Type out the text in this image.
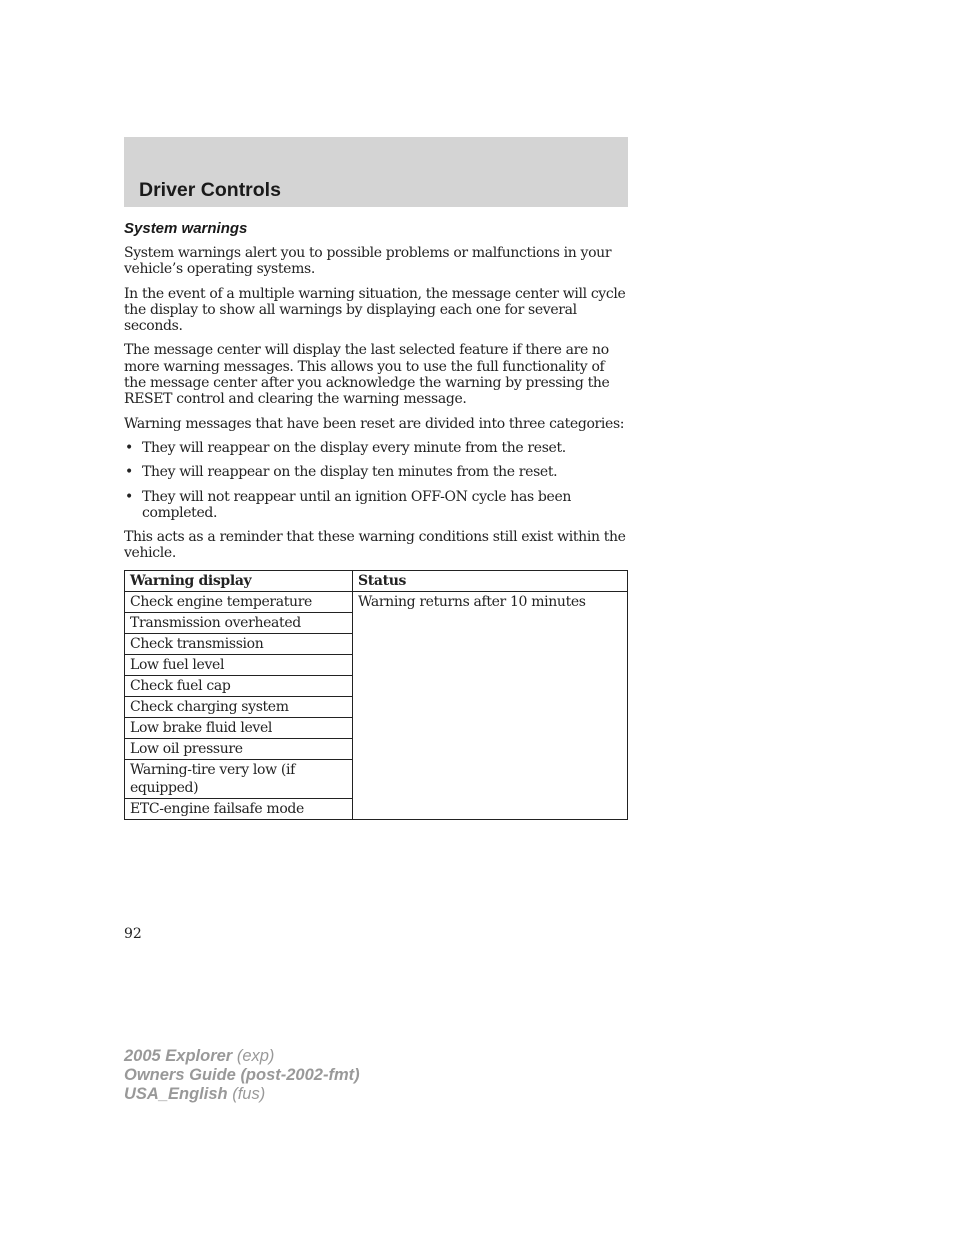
Driver Controls
System warnings

System warnings alert you to possible problems or malfunctions in your vehicle’s operating systems.

In the event of a multiple warning situation, the message center will cycle the display to show all warnings by displaying each one for several seconds.

The message center will display the last selected feature if there are no more warning messages. This allows you to use the full functionality of the message center after you acknowledge the warning by pressing the RESET control and clearing the warning message.

Warning messages that have been reset are divided into three categories:

• They will reappear on the display every minute from the reset.
• They will reappear on the display ten minutes from the reset.
• They will not reappear until an ignition OFF-ON cycle has been completed.

This acts as a reminder that these warning conditions still exist within the vehicle.

Warning display	Status
Check engine temperature	Warning returns after 10 minutes
Transmission overheated	
Check transmission	
Low fuel level	
Check fuel cap	
Check charging system	
Low brake fluid level	
Low oil pressure	
Warning-tire very low (if equipped)	
ETC-engine failsafe mode	

92

2005 Explorer (exp)
Owners Guide (post-2002-fmt)
USA_English (fus)
